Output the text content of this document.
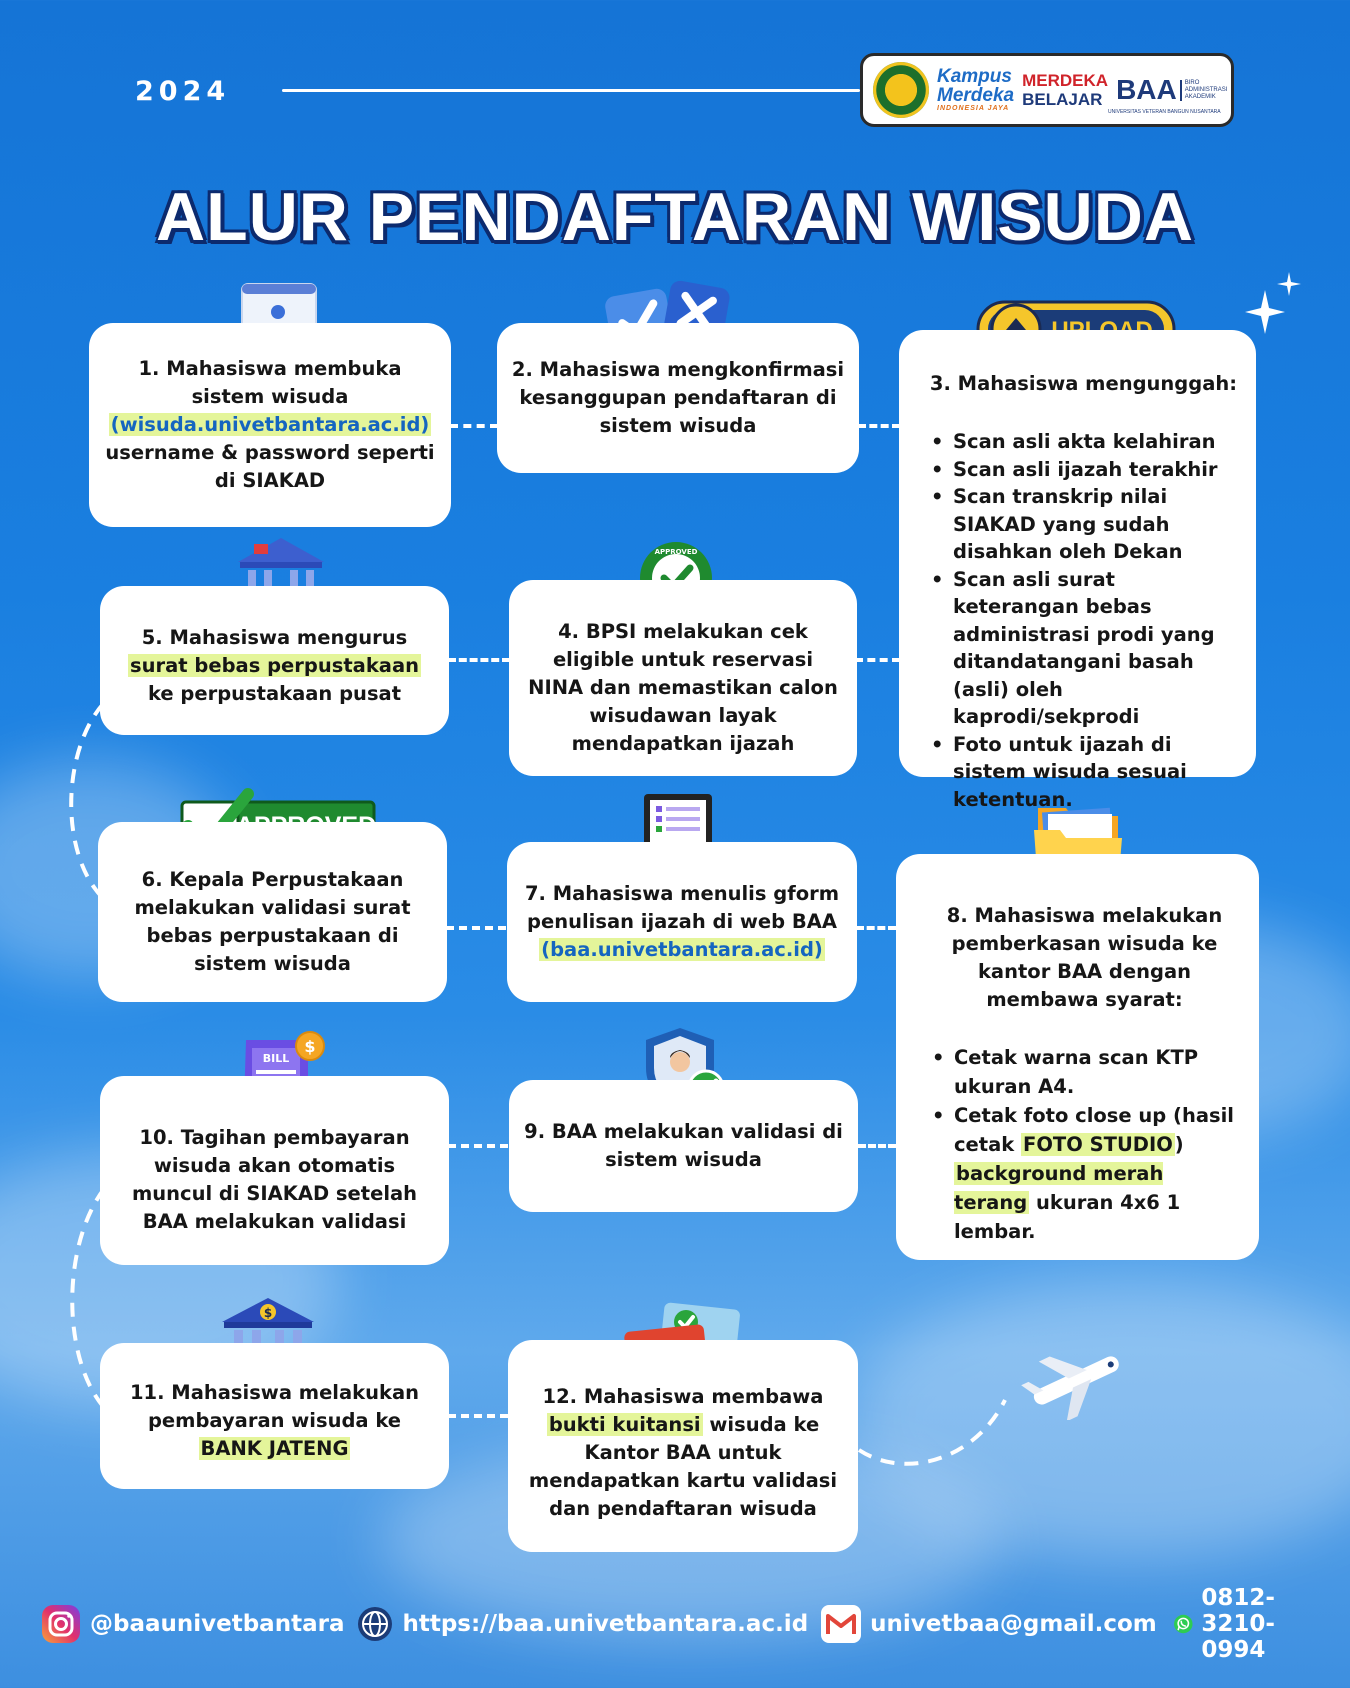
2024	Kampus
Merdeka
INDONESIA JAYA
MERDEKA
BELAJAR BAA	BIRO ADMINISTRASI AKADEMIK
UNIVERSITAS VETERAN BANGUN NUSANTARA
ALUR PENDAFTARAN WISUDA
APPROVED
BILL
$
$
1. Mahasiswa membuka sistem wisuda
(wisuda.univetbantara.ac.id)
username & password seperti di SIAKAD
2. Mahasiswa mengkonfirmasi kesanggupan pendaftaran di sistem wisuda
3. Mahasiswa mengunggah:
• Scan asli akta kelahiran
• Scan asli ijazah terakhir
• Scan transkrip nilai SIAKAD yang sudah disahkan oleh Dekan
• Scan asli surat keterangan bebas administrasi prodi yang ditandatangani basah (asli) oleh kaprodi/sekprodi
• Foto untuk ijazah di sistem wisuda sesuai ketentuan.
4. BPSI melakukan cek eligible untuk reservasi NINA dan memastikan calon wisudawan layak mendapatkan ijazah
5. Mahasiswa mengurus surat bebas perpustakaan ke perpustakaan pusat
6. Kepala Perpustakaan melakukan validasi surat bebas perpustakaan di sistem wisuda
7. Mahasiswa menulis gform penulisan ijazah di web BAA
(baa.univetbantara.ac.id)
8. Mahasiswa melakukan pemberkasan wisuda ke kantor BAA dengan membawa syarat:
• Cetak warna scan KTP ukuran A4.
• Cetak foto close up (hasil cetak FOTO STUDIO ) background merah terang ukuran 4x6 1 lembar.
9. BAA melakukan validasi di sistem wisuda
10. Tagihan pembayaran wisuda akan otomatis muncul di SIAKAD setelah BAA melakukan validasi
11. Mahasiswa melakukan pembayaran wisuda ke
BANK JATENG
12. Mahasiswa membawa bukti kuitansi wisuda ke Kantor BAA untuk mendapatkan kartu validasi dan pendaftaran wisuda
@baaunivetbantara	https://baa.univetbantara.ac.id	univetbaa@gmail.com
0812-3210-0994
